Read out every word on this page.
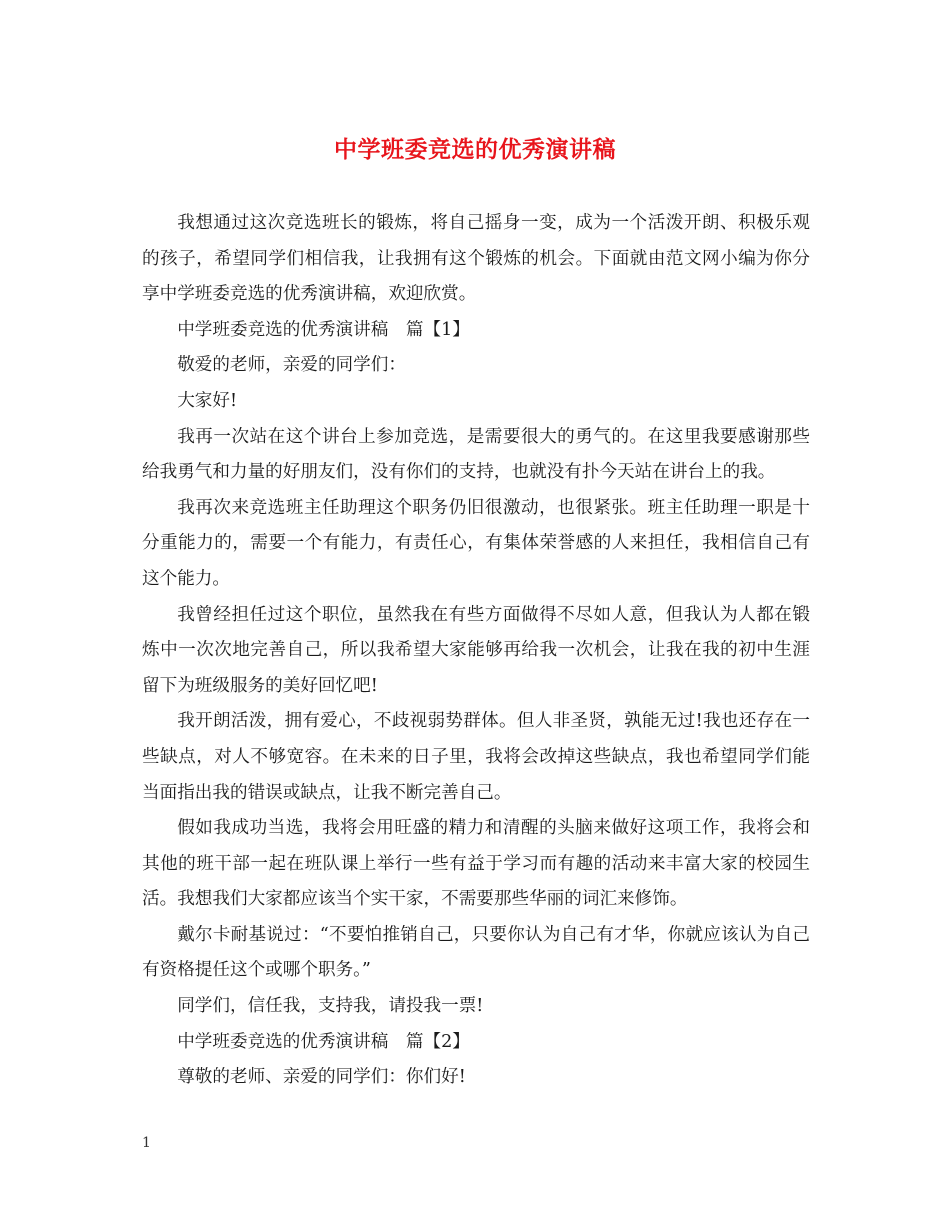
中学班委竞选的优秀演讲稿

我想通过这次竞选班长的锻炼，将自己摇身一变，成为一个活泼开朗、积极乐观的孩子，希望同学们相信我，让我拥有这个锻炼的机会。下面就由范文网小编为你分享中学班委竞选的优秀演讲稿，欢迎欣赏。

中学班委竞选的优秀演讲稿　篇【1】

敬爱的老师，亲爱的同学们：

大家好!

我再一次站在这个讲台上参加竞选，是需要很大的勇气的。在这里我要感谢那些给我勇气和力量的好朋友们，没有你们的支持，也就没有扑今天站在讲台上的我。

我再次来竞选班主任助理这个职务仍旧很激动，也很紧张。班主任助理一职是十分重能力的，需要一个有能力，有责任心，有集体荣誉感的人来担任，我相信自己有这个能力。

我曾经担任过这个职位，虽然我在有些方面做得不尽如人意，但我认为人都在锻炼中一次次地完善自己，所以我希望大家能够再给我一次机会，让我在我的初中生涯留下为班级服务的美好回忆吧!

我开朗活泼，拥有爱心，不歧视弱势群体。但人非圣贤，孰能无过!我也还存在一些缺点，对人不够宽容。在未来的日子里，我将会改掉这些缺点，我也希望同学们能当面指出我的错误或缺点，让我不断完善自己。

假如我成功当选，我将会用旺盛的精力和清醒的头脑来做好这项工作，我将会和其他的班干部一起在班队课上举行一些有益于学习而有趣的活动来丰富大家的校园生活。我想我们大家都应该当个实干家，不需要那些华丽的词汇来修饰。

戴尔卡耐基说过：“不要怕推销自己，只要你认为自己有才华，你就应该认为自己有资格提任这个或哪个职务。”

同学们，信任我，支持我，请投我一票!

中学班委竞选的优秀演讲稿　篇【2】

尊敬的老师、亲爱的同学们：你们好!

1
